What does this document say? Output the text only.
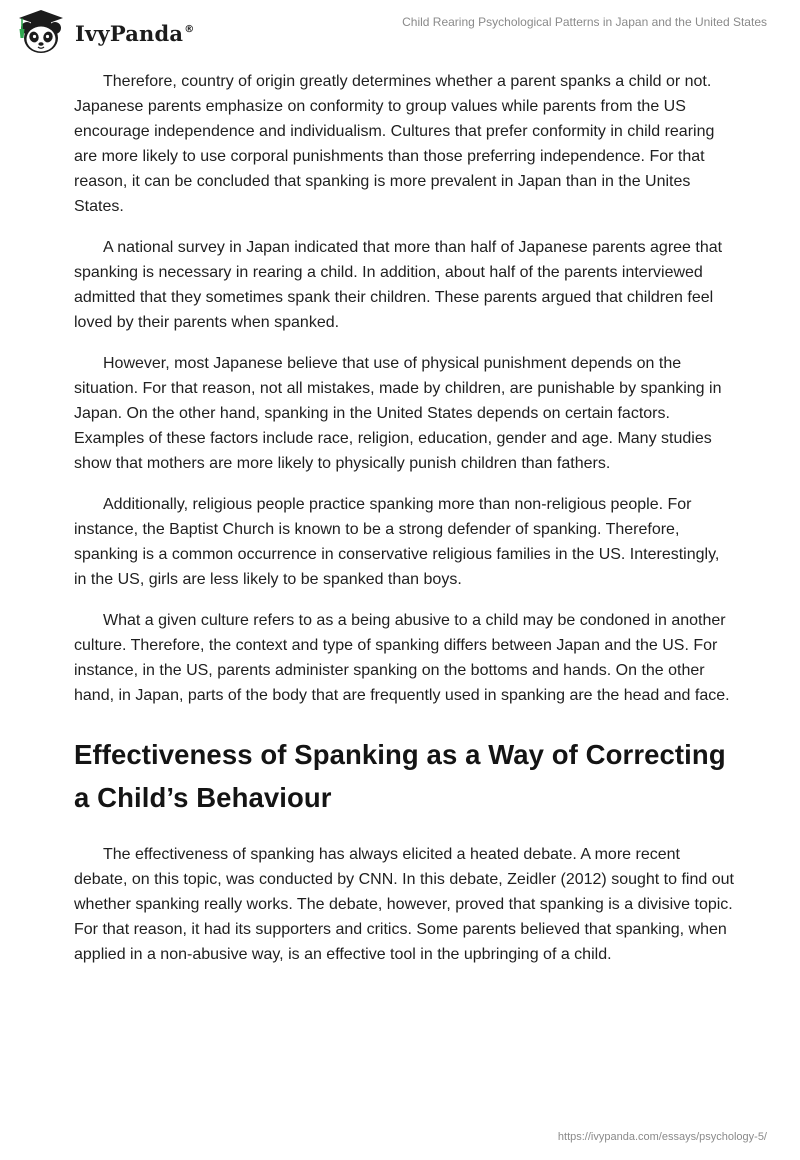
IvyPanda®	Child Rearing Psychological Patterns in Japan and the United States

Therefore, country of origin greatly determines whether a parent spanks a child or not. Japanese parents emphasize on conformity to group values while parents from the US encourage independence and individualism. Cultures that prefer conformity in child rearing are more likely to use corporal punishments than those preferring independence. For that reason, it can be concluded that spanking is more prevalent in Japan than in the Unites States.

A national survey in Japan indicated that more than half of Japanese parents agree that spanking is necessary in rearing a child. In addition, about half of the parents interviewed admitted that they sometimes spank their children. These parents argued that children feel loved by their parents when spanked.

However, most Japanese believe that use of physical punishment depends on the situation. For that reason, not all mistakes, made by children, are punishable by spanking in Japan. On the other hand, spanking in the United States depends on certain factors. Examples of these factors include race, religion, education, gender and age. Many studies show that mothers are more likely to physically punish children than fathers.

Additionally, religious people practice spanking more than non-religious people. For instance, the Baptist Church is known to be a strong defender of spanking. Therefore, spanking is a common occurrence in conservative religious families in the US. Interestingly, in the US, girls are less likely to be spanked than boys.

What a given culture refers to as a being abusive to a child may be condoned in another culture. Therefore, the context and type of spanking differs between Japan and the US. For instance, in the US, parents administer spanking on the bottoms and hands. On the other hand, in Japan, parts of the body that are frequently used in spanking are the head and face.

Effectiveness of Spanking as a Way of Correcting a Child’s Behaviour

The effectiveness of spanking has always elicited a heated debate. A more recent debate, on this topic, was conducted by CNN. In this debate, Zeidler (2012) sought to find out whether spanking really works. The debate, however, proved that spanking is a divisive topic. For that reason, it had its supporters and critics. Some parents believed that spanking, when applied in a non-abusive way, is an effective tool in the upbringing of a child.

https://ivypanda.com/essays/psychology-5/
